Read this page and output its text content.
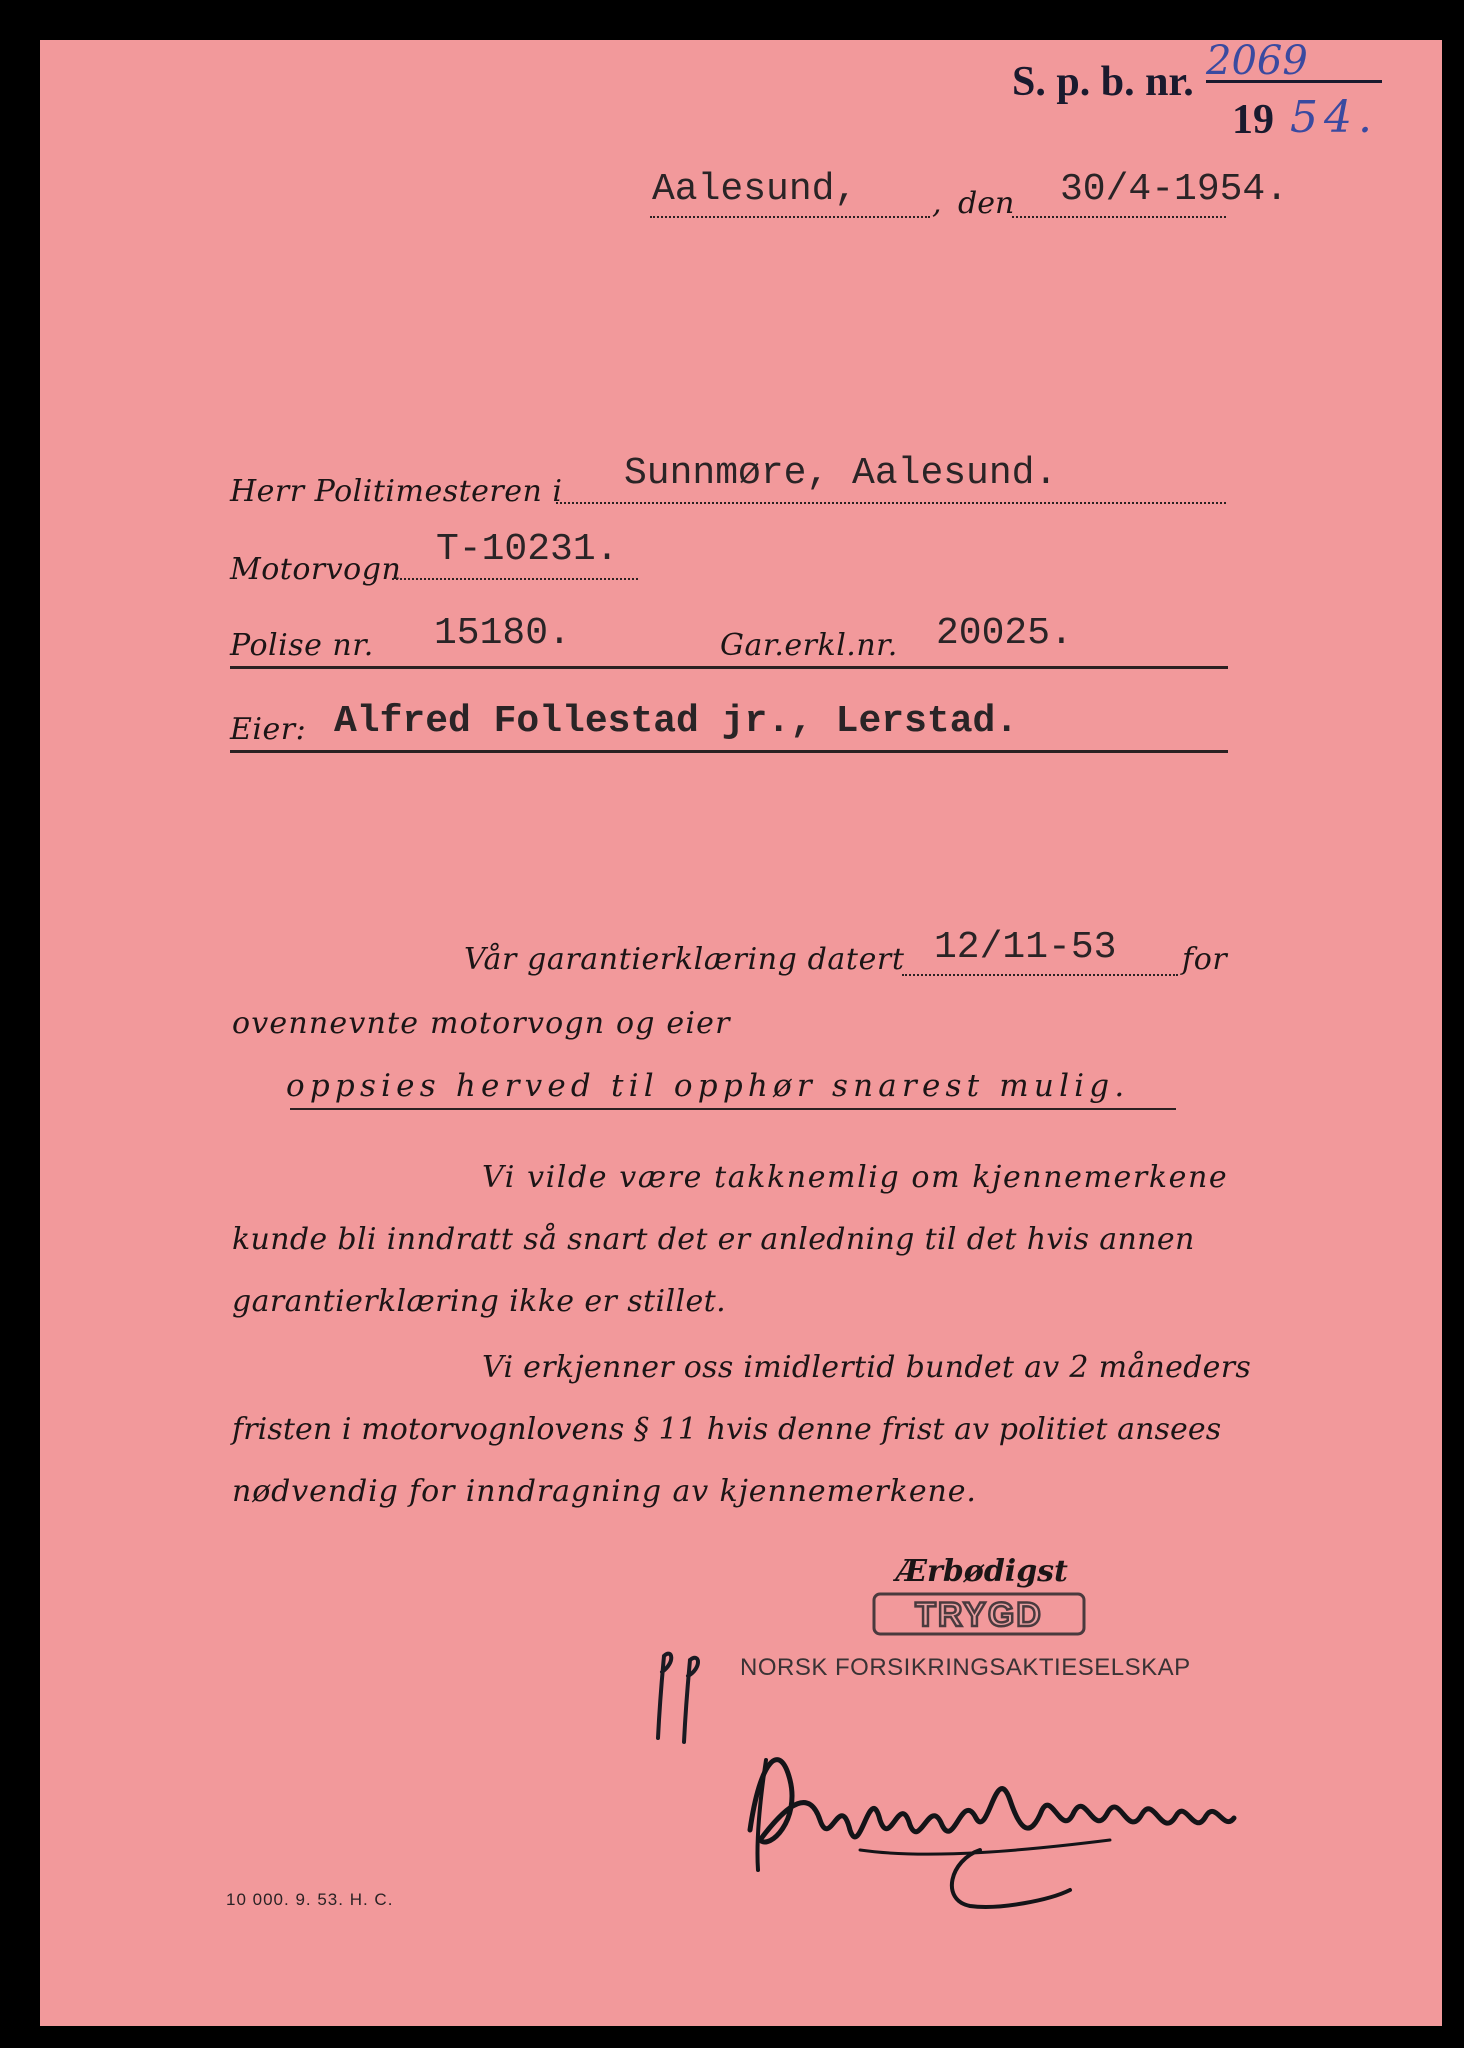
S. p. b. nr. 2069
19 54.
Aalesund, , den 30/4-1954.
Herr Politimesteren i Sunnmøre, Aalesund.
Motorvogn T-10231.
Polise nr. 15180.	Gar.erkl.nr. 20025.
Eier: Alfred Follestad jr., Lerstad.
Vår garantierklæring datert 12/11-53 for
ovennevnte motorvogn og eier
oppsies herved til opphør snarest mulig.
Vi vilde være takknemlig om kjennemerkene
kunde bli inndratt så snart det er anledning til det hvis annen
garantierklæring ikke er stillet.
Vi erkjenner oss imidlertid bundet av 2 måneders
fristen i motorvognlovens § 11 hvis denne frist av politiet ansees
nødvendig for inndragning av kjennemerkene.
Ærbødigst
TRYGD
NORSK FORSIKRINGSAKTIESELSKAP
10 000. 9. 53. H. C.
